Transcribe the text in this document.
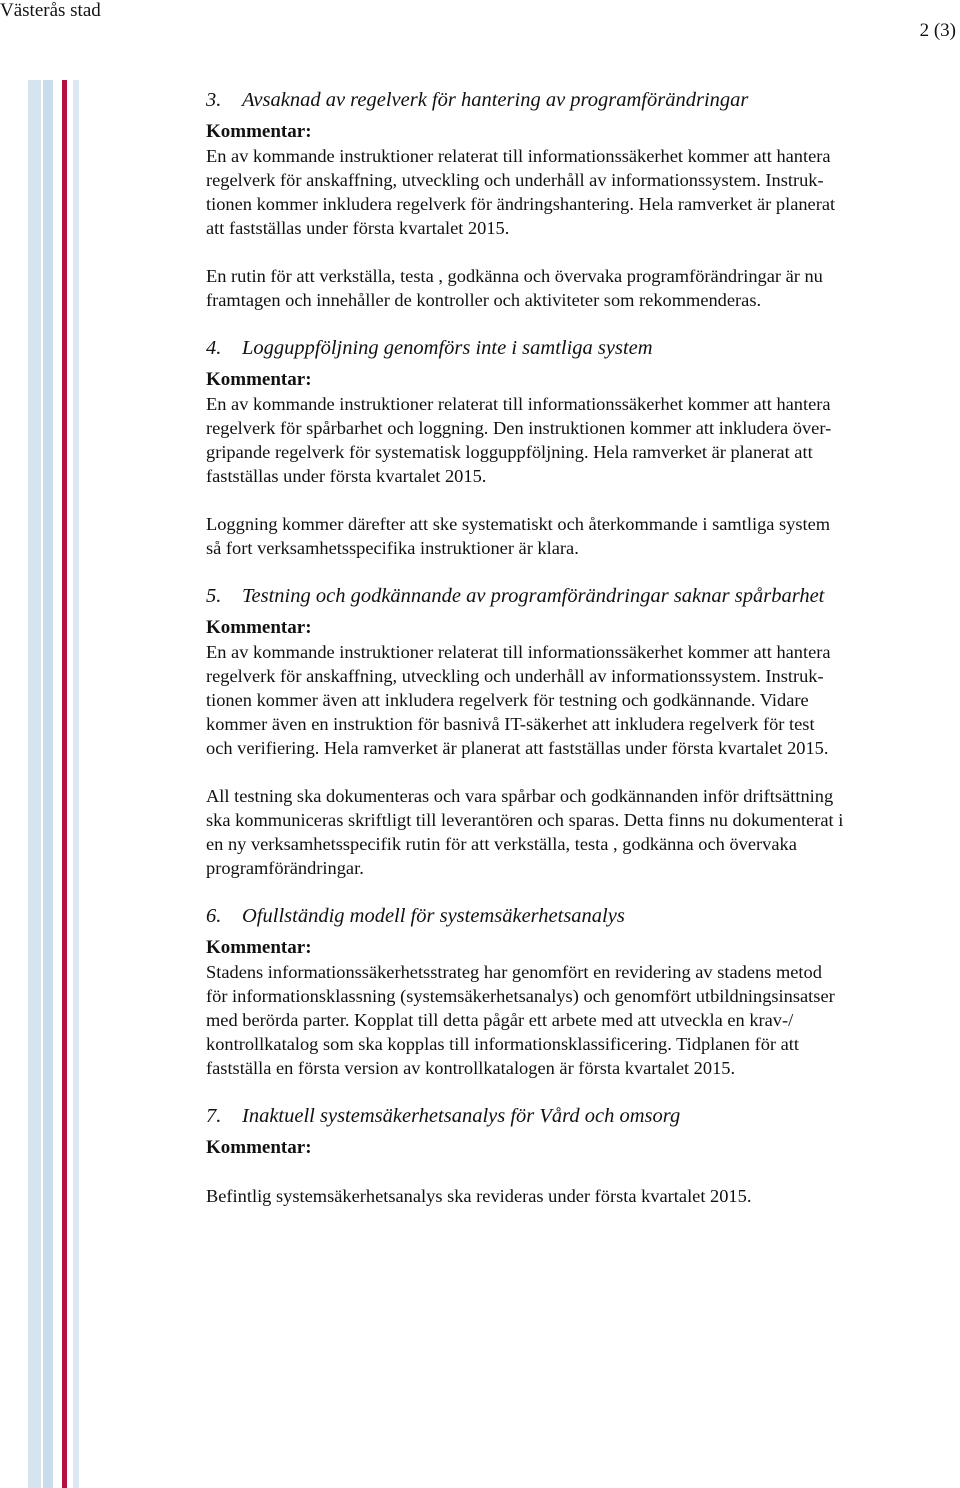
Västerås stad
2 (3)
3. Avsaknad av regelverk för hantering av programförändringar
Kommentar:

En av kommande instruktioner relaterat till informationssäkerhet kommer att hantera
regelverk för anskaffning, utveckling och underhåll av informationssystem. Instruk-
tionen kommer inkludera regelverk för ändringshantering. Hela ramverket är planerat
att fastställas under första kvartalet 2015.

En rutin för att verkställa, testa , godkänna och övervaka programförändringar är nu
framtagen och innehåller de kontroller och aktiviteter som rekommenderas.

4. Logguppföljning genomförs inte i samtliga system
Kommentar:

En av kommande instruktioner relaterat till informationssäkerhet kommer att hantera
regelverk för spårbarhet och loggning. Den instruktionen kommer att inkludera över-
gripande regelverk för systematisk logguppföljning. Hela ramverket är planerat att
fastställas under första kvartalet 2015.

Loggning kommer därefter att ske systematiskt och återkommande i samtliga system
så fort verksamhetsspecifika instruktioner är klara.

5. Testning och godkännande av programförändringar saknar spårbarhet
Kommentar:

En av kommande instruktioner relaterat till informationssäkerhet kommer att hantera
regelverk för anskaffning, utveckling och underhåll av informationssystem. Instruk-
tionen kommer även att inkludera regelverk för testning och godkännande. Vidare
kommer även en instruktion för basnivå IT-säkerhet att inkludera regelverk för test
och verifiering. Hela ramverket är planerat att fastställas under första kvartalet 2015.

All testning ska dokumenteras och vara spårbar och godkännanden inför driftsättning
ska kommuniceras skriftligt till leverantören och sparas. Detta finns nu dokumenterat i
en ny verksamhetsspecifik rutin för att verkställa, testa , godkänna och övervaka
programförändringar.

6. Ofullständig modell för systemsäkerhetsanalys
Kommentar:

Stadens informationssäkerhetsstrateg har genomfört en revidering av stadens metod
för informationsklassning (systemsäkerhetsanalys) och genomfört utbildningsinsatser
med berörda parter. Kopplat till detta pågår ett arbete med att utveckla en krav-/
kontrollkatalog som ska kopplas till informationsklassificering. Tidplanen för att
fastställa en första version av kontrollkatalogen är första kvartalet 2015.

7. Inaktuell systemsäkerhetsanalys för Vård och omsorg
Kommentar:

Befintlig systemsäkerhetsanalys ska revideras under första kvartalet 2015.
